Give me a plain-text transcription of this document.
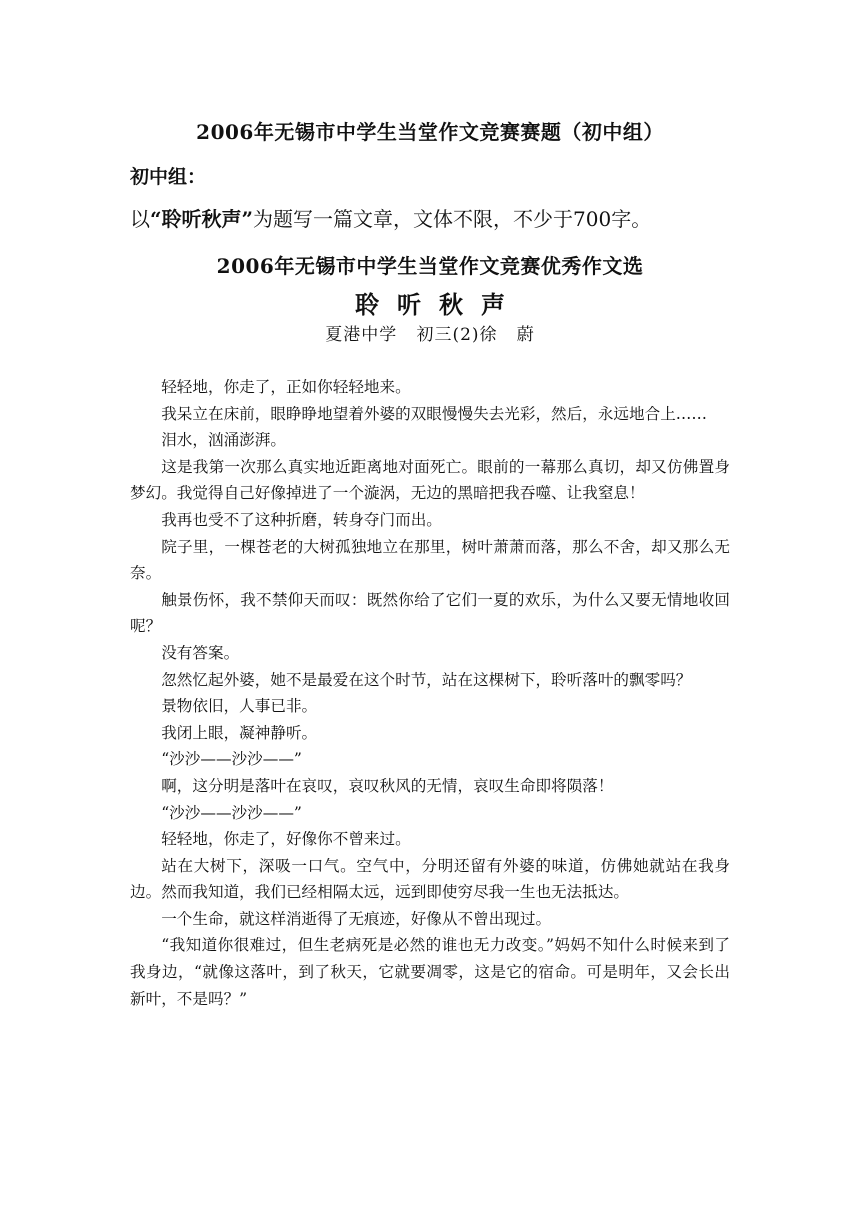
2006年无锡市中学生当堂作文竞赛赛题（初中组）
初中组：
以“聆听秋声”为题写一篇文章，文体不限，不少于700字。
2006年无锡市中学生当堂作文竞赛优秀作文选
聆听秋声
夏港中学   初三(2)徐   蔚

轻轻地，你走了，正如你轻轻地来。

我呆立在床前，眼睁睁地望着外婆的双眼慢慢失去光彩，然后，永远地合上……

泪水，汹涌澎湃。

这是我第一次那么真实地近距离地对面死亡。眼前的一幕那么真切，却又仿佛置身梦幻。我觉得自己好像掉进了一个漩涡，无边的黑暗把我吞噬、让我窒息！

我再也受不了这种折磨，转身夺门而出。

院子里，一棵苍老的大树孤独地立在那里，树叶萧萧而落，那么不舍，却又那么无奈。

触景伤怀，我不禁仰天而叹：既然你给了它们一夏的欢乐，为什么又要无情地收回呢？

没有答案。

忽然忆起外婆，她不是最爱在这个时节，站在这棵树下，聆听落叶的飘零吗？

景物依旧，人事已非。

我闭上眼，凝神静听。

“沙沙——沙沙——”

啊，这分明是落叶在哀叹，哀叹秋风的无情，哀叹生命即将陨落！

“沙沙——沙沙——”

轻轻地，你走了，好像你不曾来过。

站在大树下，深吸一口气。空气中，分明还留有外婆的味道，仿佛她就站在我身边。然而我知道，我们已经相隔太远，远到即使穷尽我一生也无法抵达。

一个生命，就这样消逝得了无痕迹，好像从不曾出现过。

“我知道你很难过，但生老病死是必然的谁也无力改变。”妈妈不知什么时候来到了我身边，“就像这落叶，到了秋天，它就要凋零，这是它的宿命。可是明年，又会长出新叶，不是吗？”
